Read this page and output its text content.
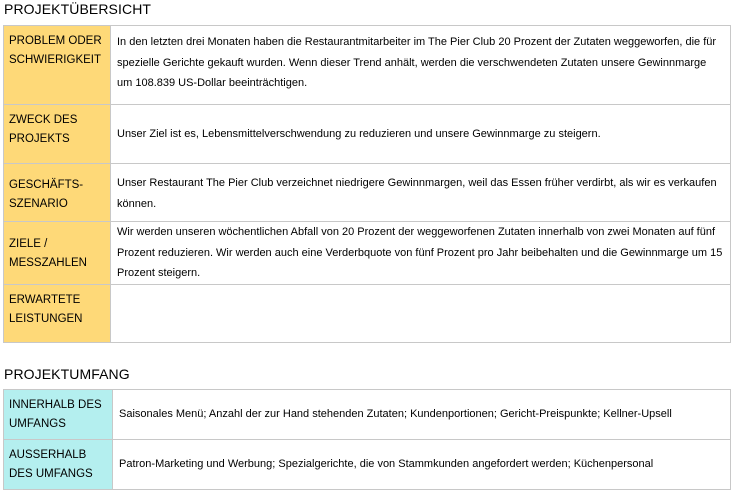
PROJEKTÜBERSICHT
PROBLEM ODER SCHWIERIGKEIT	In den letzten drei Monaten haben die Restaurantmitarbeiter im The Pier Club 20 Prozent der Zutaten weggeworfen, die für spezielle Gerichte gekauft wurden. Wenn dieser Trend anhält, werden die verschwendeten Zutaten unsere Gewinnmarge um 108.839 US-Dollar beeinträchtigen.
ZWECK DES PROJEKTS	Unser Ziel ist es, Lebensmittelverschwendung zu reduzieren und unsere Gewinnmarge zu steigern.
GESCHÄFTS-SZENARIO	Unser Restaurant The Pier Club verzeichnet niedrigere Gewinnmargen, weil das Essen früher verdirbt, als wir es verkaufen können.
ZIELE / MESSZAHLEN	Wir werden unseren wöchentlichen Abfall von 20 Prozent der weggeworfenen Zutaten innerhalb von zwei Monaten auf fünf Prozent reduzieren. Wir werden auch eine Verderbquote von fünf Prozent pro Jahr beibehalten und die Gewinnmarge um 15 Prozent steigern.
ERWARTETE LEISTUNGEN	
PROJEKTUMFANG
INNERHALB DES UMFANGS	Saisonales Menü; Anzahl der zur Hand stehenden Zutaten; Kundenportionen; Gericht-Preispunkte; Kellner-Upsell
AUSSERHALB DES UMFANGS	Patron-Marketing und Werbung; Spezialgerichte, die von Stammkunden angefordert werden; Küchenpersonal
